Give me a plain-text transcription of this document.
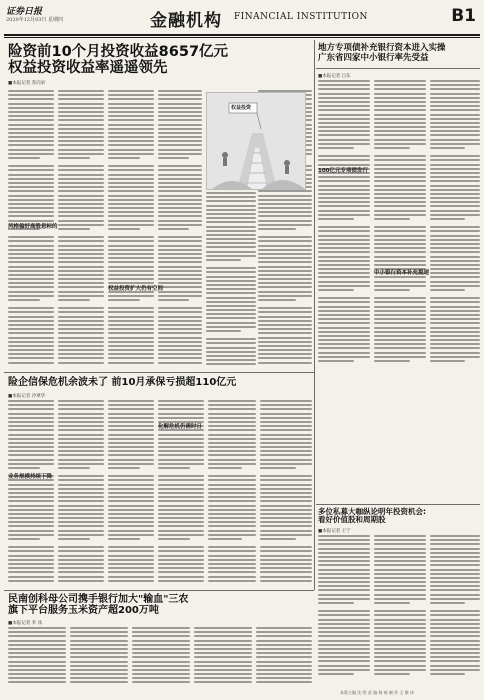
证券日报
2020年12月03日 星期四	金融机构 FINANCIAL INSTITUTION	B1
险资前10个月投资收益8657亿元
权益投资收益率遥遥领先
■本报记者 苏向杲
地方专项债补充银行资本进入实操
广东省四家中小银行率先受益
风格偏好高股息标的
权益投资扩大仍有空间
权益投资
■本报记者 吕东
100亿元专项债发行
中小银行资本补充提速
险企信保危机余波未了 前10月承保亏损超110亿元
■本报记者 冷翠华
业务规模持续下降
化解危机仍需时日
多位私募大咖纵论明年投资机会:
看好价值股和周期股
■本报记者 王宁
民南创科母公司携手银行加大"输血"三农
旗下平台服务玉米资产超200万吨
■本报记者 李 冰
本版主编 沈 明 责 编 杨 萌 制 作 王 敬 伟
